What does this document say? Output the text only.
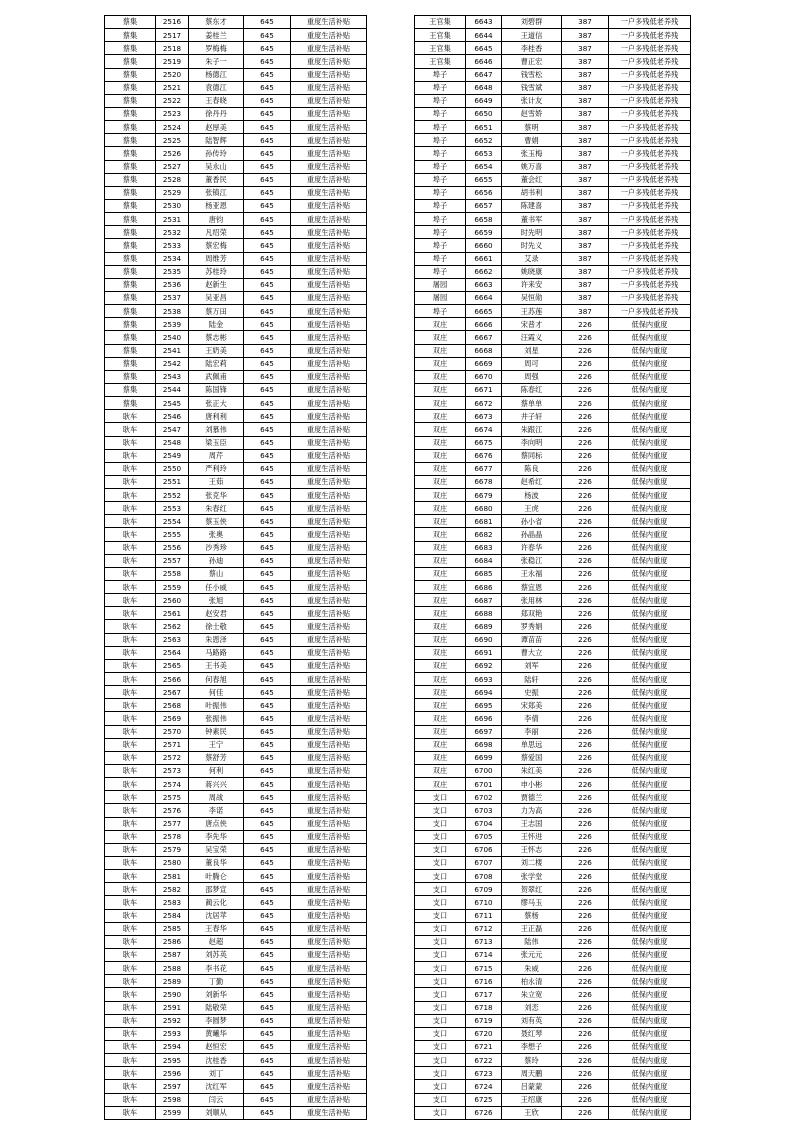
蔡集	2516	蔡东才	645	重度生活补贴
蔡集	2517	姜桂兰	645	重度生活补贴
蔡集	2518	罗梅梅	645	重度生活补贴
蔡集	2519	朱子一	645	重度生活补贴
蔡集	2520	杨德江	645	重度生活补贴
蔡集	2521	袁德江	645	重度生活补贴
蔡集	2522	王春晓	645	重度生活补贴
蔡集	2523	徐丹丹	645	重度生活补贴
蔡集	2524	赵厚美	645	重度生活补贴
蔡集	2525	陆智辉	645	重度生活补贴
蔡集	2526	孙传玲	645	重度生活补贴
蔡集	2527	吴永山	645	重度生活补贴
蔡集	2528	董香民	645	重度生活补贴
蔡集	2529	张镇江	645	重度生活补贴
蔡集	2530	杨亚恩	645	重度生活补贴
蔡集	2531	唐钧	645	重度生活补贴
蔡集	2532	凡绍荣	645	重度生活补贴
蔡集	2533	蔡宏梅	645	重度生活补贴
蔡集	2534	周维芳	645	重度生活补贴
蔡集	2535	苏桂玲	645	重度生活补贴
蔡集	2536	赵新生	645	重度生活补贴
蔡集	2537	吴亚昌	645	重度生活补贴
蔡集	2538	蔡万田	645	重度生活补贴
蔡集	2539	陆金	645	重度生活补贴
蔡集	2540	蔡志彬	645	重度生活补贴
蔡集	2541	王奶美	645	重度生活补贴
蔡集	2542	陆宏莉	645	重度生活补贴
蔡集	2543	武佩甫	645	重度生活补贴
蔡集	2544	陈国锋	645	重度生活补贴
蔡集	2545	张正大	645	重度生活补贴
耿车	2546	唐利利	645	重度生活补贴
耿车	2547	刘慕伟	645	重度生活补贴
耿车	2548	梁玉臣	645	重度生活补贴
耿车	2549	周芹	645	重度生活补贴
耿车	2550	严利玲	645	重度生活补贴
耿车	2551	王茹	645	重度生活补贴
耿车	2552	张克华	645	重度生活补贴
耿车	2553	朱春红	645	重度生活补贴
耿车	2554	蔡玉侠	645	重度生活补贴
耿车	2555	张奥	645	重度生活补贴
耿车	2556	沙秀珍	645	重度生活补贴
耿车	2557	孙迪	645	重度生活补贴
耿车	2558	蔡山	645	重度生活补贴
耿车	2559	任小威	645	重度生活补贴
耿车	2560	张旭	645	重度生活补贴
耿车	2561	赵安君	645	重度生活补贴
耿车	2562	徐士敬	645	重度生活补贴
耿车	2563	朱恩泽	645	重度生活补贴
耿车	2564	马路路	645	重度生活补贴
耿车	2565	王书美	645	重度生活补贴
耿车	2566	何春旭	645	重度生活补贴
耿车	2567	何佳	645	重度生活补贴
耿车	2568	叶振伟	645	重度生活补贴
耿车	2569	张振伟	645	重度生活补贴
耿车	2570	钟素民	645	重度生活补贴
耿车	2571	王宁	645	重度生活补贴
耿车	2572	蔡舒芳	645	重度生活补贴
耿车	2573	何利	645	重度生活补贴
耿车	2574	蒋兴兴	645	重度生活补贴
耿车	2575	周战	645	重度生活补贴
耿车	2576	李诺	645	重度生活补贴
耿车	2577	唐点侠	645	重度生活补贴
耿车	2578	李先华	645	重度生活补贴
耿车	2579	吴宝荣	645	重度生活补贴
耿车	2580	董良华	645	重度生活补贴
耿车	2581	叶腾仑	645	重度生活补贴
耿车	2582	邵梦宣	645	重度生活补贴
耿车	2583	蔺云化	645	重度生活补贴
耿车	2584	沈居苹	645	重度生活补贴
耿车	2585	王春华	645	重度生活补贴
耿车	2586	赵超	645	重度生活补贴
耿车	2587	刘苏英	645	重度生活补贴
耿车	2588	李书花	645	重度生活补贴
耿车	2589	丁勤	645	重度生活补贴
耿车	2590	刘新华	645	重度生活补贴
耿车	2591	陆敬荣	645	重度生活补贴
耿车	2592	李圆梦	645	重度生活补贴
耿车	2593	黄曦华	645	重度生活补贴
耿车	2594	赵恒宏	645	重度生活补贴
耿车	2595	沈桂香	645	重度生活补贴
耿车	2596	刘丁	645	重度生活补贴
耿车	2597	沈红军	645	重度生活补贴
耿车	2598	闫云	645	重度生活补贴
耿车	2599	刘顺从	645	重度生活补贴
王官集	6643	刘碧群	387	一户多残低老养残
王官集	6644	王道信	387	一户多残低老养残
王官集	6645	李桂香	387	一户多残低老养残
王官集	6646	曹正宏	387	一户多残低老养残
埠子	6647	钱雪松	387	一户多残低老养残
埠子	6648	钱雪斌	387	一户多残低老养残
埠子	6649	张计友	387	一户多残低老养残
埠子	6650	赵雪娇	387	一户多残低老养残
埠子	6651	蔡明	387	一户多残低老养残
埠子	6652	曹娟	387	一户多残低老养残
埠子	6653	张玉梅	387	一户多残低老养残
埠子	6654	姚万喜	387	一户多残低老养残
埠子	6655	董会红	387	一户多残低老养残
埠子	6656	胡书利	387	一户多残低老养残
埠子	6657	陈建喜	387	一户多残低老养残
埠子	6658	董书军	387	一户多残低老养残
埠子	6659	时先明	387	一户多残低老养残
埠子	6660	时先义	387	一户多残低老养残
埠子	6661	艾录	387	一户多残低老养残
埠子	6662	姚晓康	387	一户多残低老养残
屠园	6663	许来安	387	一户多残低老养残
屠园	6664	吴恒勋	387	一户多残低老养残
埠子	6665	王苏莲	387	一户多残低老养残
双庄	6666	宋普才	226	低保内重度
双庄	6667	汪霞义	226	低保内重度
双庄	6668	刘星	226	低保内重度
双庄	6669	周可	226	低保内重度
双庄	6670	周强	226	低保内重度
双庄	6671	陈春红	226	低保内重度
双庄	6672	蔡单单	226	低保内重度
双庄	6673	井子轩	226	低保内重度
双庄	6674	朱跟江	226	低保内重度
双庄	6675	李向明	226	低保内重度
双庄	6676	蔡同标	226	低保内重度
双庄	6677	陈良	226	低保内重度
双庄	6678	赵希红	226	低保内重度
双庄	6679	杨波	226	低保内重度
双庄	6680	王虎	226	低保内重度
双庄	6681	孙小省	226	低保内重度
双庄	6682	孙晶晶	226	低保内重度
双庄	6683	许春华	226	低保内重度
双庄	6684	张稳江	226	低保内重度
双庄	6685	王永福	226	低保内重度
双庄	6686	蔡宜恩	226	低保内重度
双庄	6687	张用林	226	低保内重度
双庄	6688	郑双艳	226	低保内重度
双庄	6689	罗秀娟	226	低保内重度
双庄	6690	谭苗苗	226	低保内重度
双庄	6691	曹大立	226	低保内重度
双庄	6692	刘军	226	低保内重度
双庄	6693	陆轩	226	低保内重度
双庄	6694	史振	226	低保内重度
双庄	6695	宋郑美	226	低保内重度
双庄	6696	李倩	226	低保内重度
双庄	6697	李丽	226	低保内重度
双庄	6698	单思远	226	低保内重度
双庄	6699	蔡爱国	226	低保内重度
双庄	6700	朱红美	226	低保内重度
双庄	6701	申小彬	226	低保内重度
支口	6702	贾德兰	226	低保内重度
支口	6703	力为高	226	低保内重度
支口	6704	王志国	226	低保内重度
支口	6705	王怀进	226	低保内重度
支口	6706	王怀志	226	低保内重度
支口	6707	刘二楼	226	低保内重度
支口	6708	张学堂	226	低保内重度
支口	6709	贺翠红	226	低保内重度
支口	6710	缪马玉	226	低保内重度
支口	6711	蔡杨	226	低保内重度
支口	6712	王正磊	226	低保内重度
支口	6713	陆伟	226	低保内重度
支口	6714	张元元	226	低保内重度
支口	6715	朱威	226	低保内重度
支口	6716	柏永清	226	低保内重度
支口	6717	朱立宽	226	低保内重度
支口	6718	刘恋	226	低保内重度
支口	6719	刘有英	226	低保内重度
支口	6720	聂红琴	226	低保内重度
支口	6721	李想子	226	低保内重度
支口	6722	蔡玲	226	低保内重度
支口	6723	周天鹏	226	低保内重度
支口	6724	吕蒙蒙	226	低保内重度
支口	6725	王绍康	226	低保内重度
支口	6726	王欣	226	低保内重度
